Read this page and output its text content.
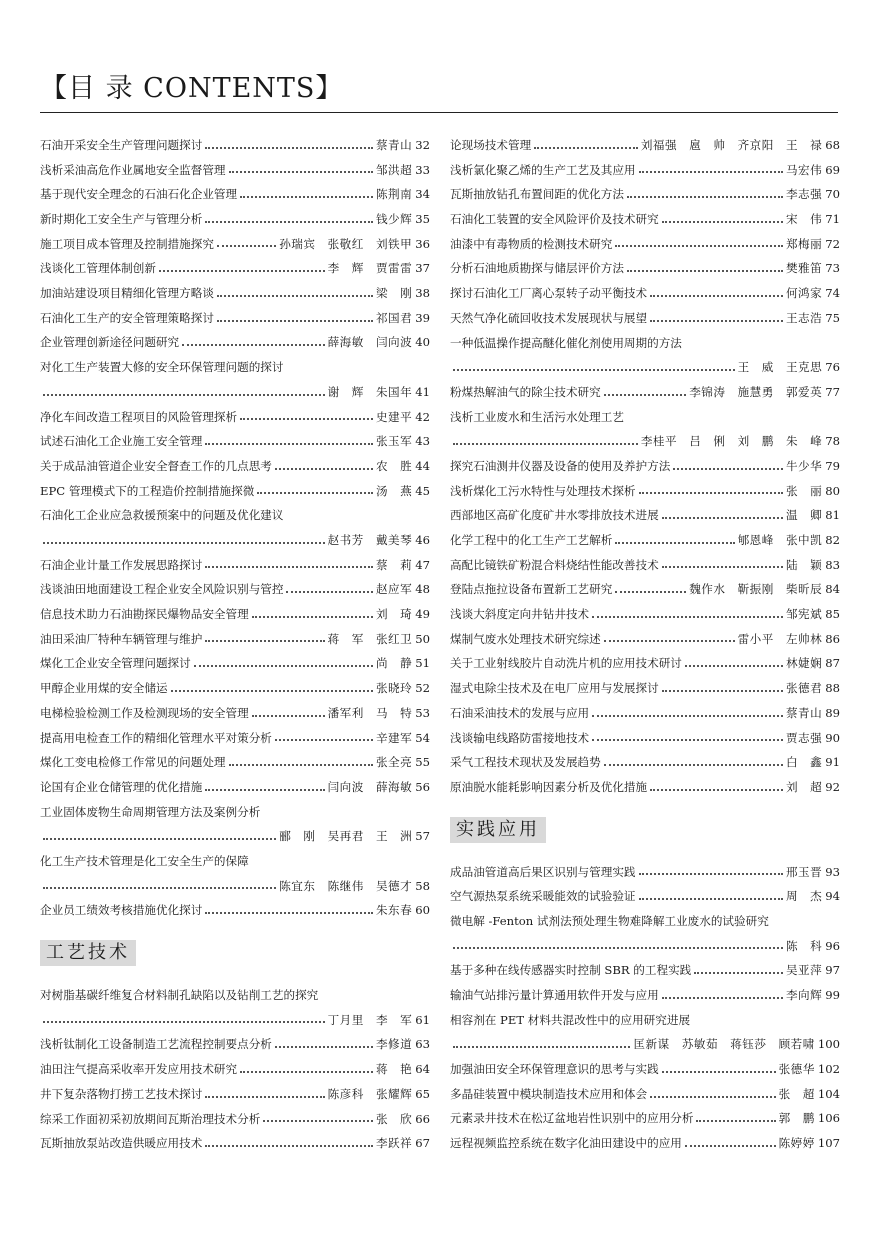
【目 录 CONTENTS】
石油开采安全生产管理问题探讨	蔡青山 32
浅析采油高危作业属地安全监督管理	邹洪超 33
基于现代安全理念的石油石化企业管理	陈荆南 34
新时期化工安全生产与管理分析	钱少辉 35
施工项目成本管理及控制措施探究	孙瑞宾　张敬红　刘铁甲 36
浅谈化工管理体制创新	李　辉　贾雷雷 37
加油站建设项目精细化管理方略谈	梁　刚 38
石油化工生产的安全管理策略探讨	祁国君 39
企业管理创新途径问题研究	薛海敏　闫向波 40
对化工生产装置大修的安全环保管理问题的探讨
谢　辉　朱国年 41
净化车间改造工程项目的风险管理探析	史建平 42
试述石油化工企业施工安全管理	张玉军 43
关于成品油管道企业安全督查工作的几点思考	农　胜 44
EPC 管理模式下的工程造价控制措施探微	汤　燕 45
石油化工企业应急救援预案中的问题及优化建议
赵书芳　戴美琴 46
石油企业计量工作发展思路探讨	蔡　莉 47
浅谈油田地面建设工程企业安全风险识别与管控	赵应军 48
信息技术助力石油勘探民爆物品安全管理	刘　琦 49
油田采油厂特种车辆管理与维护	蒋　军　张红卫 50
煤化工企业安全管理问题探讨	尚　静 51
甲醇企业用煤的安全储运	张晓玲 52
电梯检验检测工作及检测现场的安全管理	潘军利　马　特 53
提高用电检查工作的精细化管理水平对策分析	辛建军 54
煤化工变电检修工作常见的问题处理	张全亮 55
论国有企业仓储管理的优化措施	闫向波　薛海敏 56
工业固体废物生命周期管理方法及案例分析
郦　刚　吴再君　王　洲 57
化工生产技术管理是化工安全生产的保障
陈宜东　陈继伟　吴德才 58
企业员工绩效考核措施优化探讨	朱东春 60
工艺技术
对树脂基碳纤维复合材料制孔缺陷以及钻削工艺的探究
丁月里　李　军 61
浅析钛制化工设备制造工艺流程控制要点分析	李修道 63
油田注气提高采收率开发应用技术研究	蒋　艳 64
井下复杂落物打捞工艺技术探讨	陈彦科　张耀辉 65
综采工作面初采初放期间瓦斯治理技术分析	张　欣 66
瓦斯抽放泵站改造供暖应用技术	李跃祥 67
论现场技术管理	刘福强　扈　帅　齐京阳　王　禄 68
浅析氯化聚乙烯的生产工艺及其应用	马宏伟 69
瓦斯抽放钻孔布置间距的优化方法	李志强 70
石油化工装置的安全风险评价及技术研究	宋　伟 71
油漆中有毒物质的检测技术研究	郑梅丽 72
分析石油地质勘探与储层评价方法	樊雅笛 73
探讨石油化工厂离心泵转子动平衡技术	何鸿家 74
天然气净化硫回收技术发展现状与展望	王志浩 75
一种低温操作提高醚化催化剂使用周期的方法
王　威　王克思 76
粉煤热解油气的除尘技术研究	李锦涛　施慧勇　郭爱英 77
浅析工业废水和生活污水处理工艺
李桂平　吕　俐　刘　鹏　朱　峰 78
探究石油测井仪器及设备的使用及养护方法	牛少华 79
浅析煤化工污水特性与处理技术探析	张　丽 80
西部地区高矿化度矿井水零排放技术进展	温　卿 81
化学工程中的化工生产工艺解析	郇恩峰　张中凯 82
高配比镜铁矿粉混合料烧结性能改善技术	陆　颖 83
登陆点拖拉设备布置新工艺研究	魏作水　靳振刚　柴昕辰 84
浅谈大斜度定向井钻井技术	邹宪斌 85
煤制气废水处理技术研究综述	雷小平　左帅林 86
关于工业射线胶片自动洗片机的应用技术研讨	林婕娴 87
湿式电除尘技术及在电厂应用与发展探讨	张德君 88
石油采油技术的发展与应用	蔡青山 89
浅谈输电线路防雷接地技术	贾志强 90
采气工程技术现状及发展趋势	白　鑫 91
原油脱水能耗影响因素分析及优化措施	刘　超 92
实践应用
成品油管道高后果区识别与管理实践	邢玉晋 93
空气源热泵系统采暖能效的试验验证	周　杰 94
微电解 -Fenton 试剂法预处理生物难降解工业废水的试验研究
陈　科 96
基于多种在线传感器实时控制 SBR 的工程实践	吴亚萍 97
输油气站排污量计算通用软件开发与应用	李向辉 99
相容剂在 PET 材料共混改性中的应用研究进展
匡新谋　苏敏茹　蒋钰莎　顾若啸 100
加强油田安全环保管理意识的思考与实践	张德华 102
多晶硅装置中模块制造技术应用和体会	张　超 104
元素录井技术在松辽盆地岩性识别中的应用分析	郭　鹏 106
远程视频监控系统在数字化油田建设中的应用	陈婷婷 107
